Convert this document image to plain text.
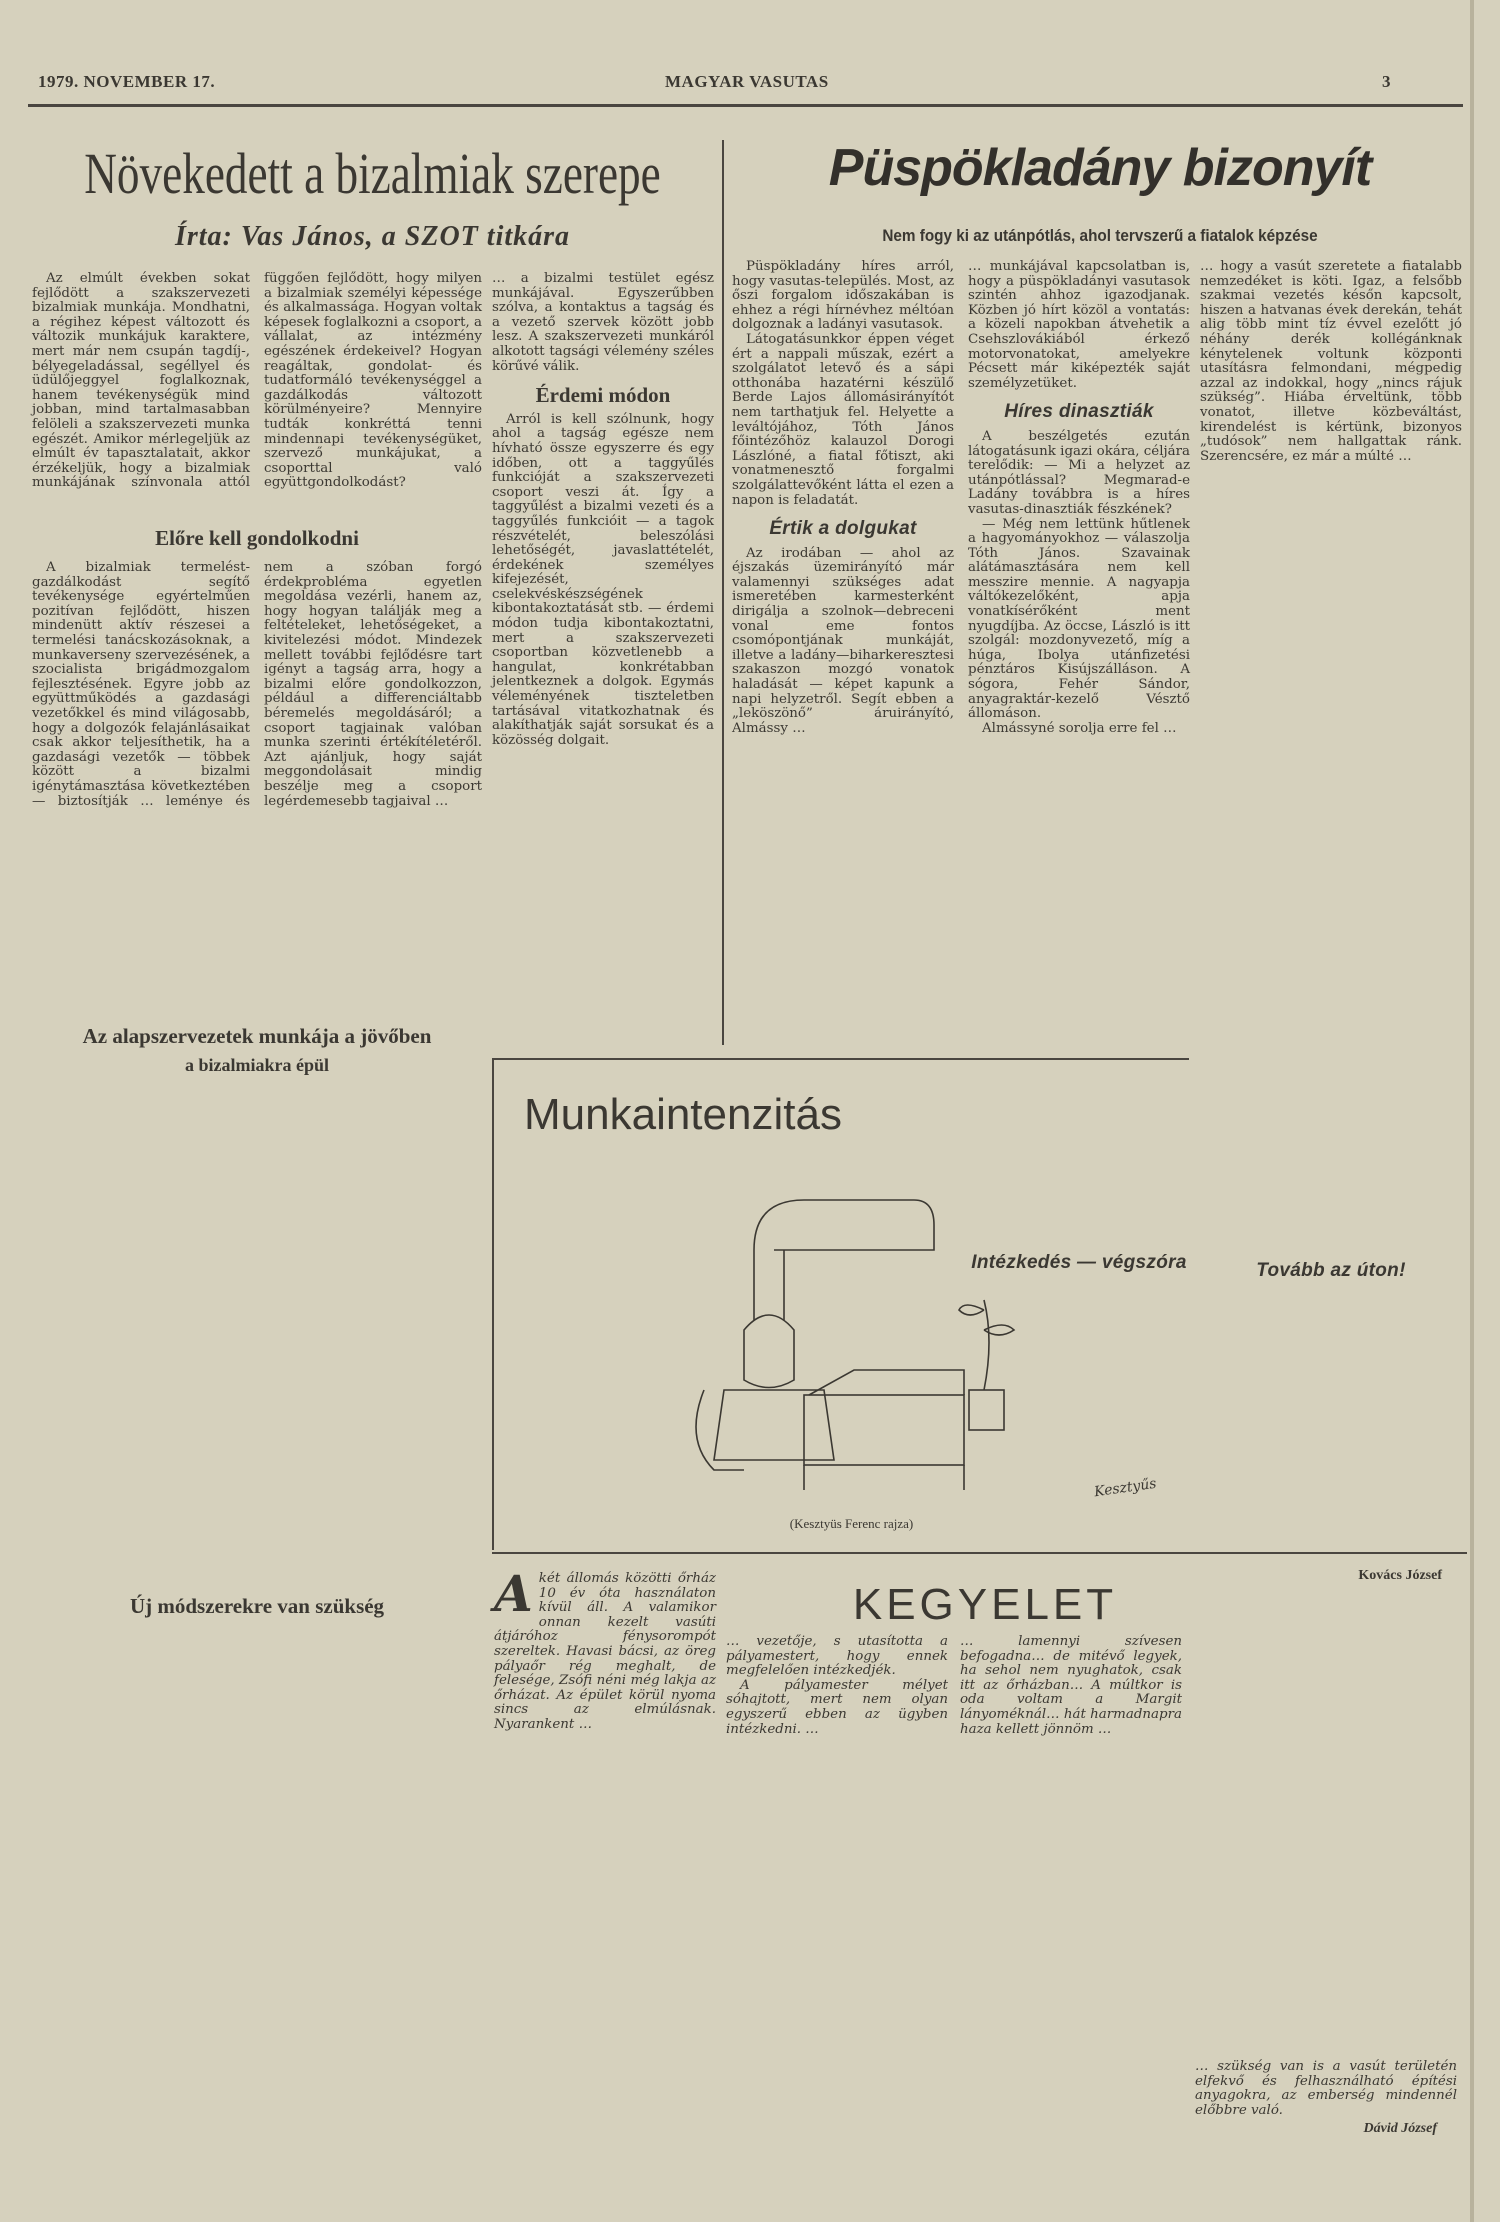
1979. NOVEMBER 17.	MAGYAR VASUTAS	3
Növekedett a bizalmiak szerepe
Írta: Vas János, a SZOT titkára

Az elmúlt években sokat fejlődött a szakszervezeti bizalmiak munkája. Mondhatni, a régihez képest változott és változik munkájuk karaktere, mert már nem csupán tagdíj-, bélyegeladással, segéllyel és üdülőjeggyel foglalkoznak, hanem tevékenységük mind jobban, mind tartalmasabban felöleli a szakszervezeti munka egészét. Amikor mérlegeljük az elmúlt év tapasztalatait, akkor érzékeljük, hogy a bizalmiak munkájának színvonala attól függően fejlődött, hogy milyen a bizalmiak személyi képessége és alkalmassága. Hogyan voltak képesek foglalkozni a csoport, a vállalat, az intézmény egészének érdekeivel? Hogyan reagáltak, gondolat- és tudatformáló tevékenységgel a gazdálkodás változott körülményeire? Mennyire tudták konkréttá tenni mindennapi tevékenységüket, szervező munkájukat, a csoporttal való együttgondolkodást?

… a bizalmi testület egész munkájával. Egyszerűbben szólva, a kontaktus a tagság és a vezető szervek között jobb lesz. A szakszervezeti munkáról alkotott tagsági vélemény széles körűvé válik.

Érdemi módon

Arról is kell szólnunk, hogy ahol a tagság egésze nem hívható össze egyszerre és egy időben, ott a taggyűlés funkcióját a szakszervezeti csoport veszi át. Így a taggyűlést a bizalmi vezeti és a taggyűlés funkcióit — a tagok részvételét, beleszólási lehetőségét, javaslattételét, érdekének személyes kifejezését, cselekvéskészségének kibontakoztatását stb. — érdemi módon tudja kibontakoztatni, mert a szakszervezeti csoportban közvetlenebb a hangulat, konkrétabban jelentkeznek a dolgok. Egymás véleményének tiszteletben tartásával vitatkozhatnak és alakíthatják saját sorsukat és a közösség dolgait.

Előre kell gondolkodni

A bizalmiak termelést-gazdálkodást segítő tevékenysége egyértelműen pozitívan fejlődött, hiszen mindenütt aktív részesei a termelési tanácskozásoknak, a munkaverseny szervezésének, a szocialista brigádmozgalom fejlesztésének. Egyre jobb az együttműködés a gazdasági vezetőkkel és mind világosabb, hogy a dolgozók felajánlásaikat csak akkor teljesíthetik, ha a gazdasági vezetők — többek között a bizalmi igénytámasztása következtében — biztosítják … leménye és nem a szóban forgó érdekprobléma egyetlen megoldása vezérli, hanem az, hogy hogyan találják meg a feltételeket, lehetőségeket, a kivitelezési módot. Mindezek mellett további fejlődésre tart igényt a tagság arra, hogy a bizalmi előre gondolkozzon, például a differenciáltabb béremelés megoldásáról; a csoport tagjainak valóban munka szerinti értékítéletéről. Azt ajánljuk, hogy saját meggondolásait mindig beszélje meg a csoport legérdemesebb tagjaival …

Az alapszervezetek munkája a jövőben
a bizalmiakra épül
Új módszerekre van szükség
Püspökladány bizonyít
Nem fogy ki az utánpótlás, ahol tervszerű a fiatalok képzése

Püspökladány híres arról, hogy vasutas-település. Most, az őszi forgalom időszakában is ehhez a régi hírnévhez méltóan dolgoznak a ladányi vasutasok.

Látogatásunkkor éppen véget ért a nappali műszak, ezért a szolgálatot letevő és a sápi otthonába hazatérni készülő Berde Lajos állomásirányítót nem tarthatjuk fel. Helyette a leváltójához, Tóth János főintézőhöz kalauzol Dorogi Lászlóné, a fiatal főtiszt, aki vonatmenesztő forgalmi szolgálattevőként látta el ezen a napon is feladatát.

Értik a dolgukat

Az irodában — ahol az éjszakás üzemirányító már valamennyi szükséges adat ismeretében karmesterként dirigálja a szolnok—debreceni vonal eme fontos csomópontjának munkáját, illetve a ladány—biharkeresztesi szakaszon mozgó vonatok haladását — képet kapunk a napi helyzetről. Segít ebben a „leköszönő” áruirányító, Almássy …

… munkájával kapcsolatban is, hogy a püspökladányi vasutasok szintén ahhoz igazodjanak. Közben jó hírt közöl a vontatás: a közeli napokban átvehetik a Csehszlovákiából érkező motorvonatokat, amelyekre Pécsett már kiképezték saját személyzetüket.

Híres dinasztiák

A beszélgetés ezután látogatásunk igazi okára, céljára terelődik: — Mi a helyzet az utánpótlással? Megmarad-e Ladány továbbra is a híres vasutas-dinasztiák fészkének?

— Még nem lettünk hűtlenek a hagyományokhoz — válaszolja Tóth János. Szavainak alátámasztására nem kell messzire mennie. A nagyapja váltókezelőként, apja vonatkísérőként ment nyugdíjba. Az öccse, László is itt szolgál: mozdonyvezető, míg a húga, Ibolya utánfizetési pénztáros Kisújszálláson. A sógora, Fehér Sándor, anyagraktár-kezelő Vésztő állomáson.

Almássyné sorolja erre fel …

Intézkedés — végszóra

… hogy a vasút szeretete a fiatalabb nemzedéket is köti. Igaz, a felsőbb szakmai vezetés későn kapcsolt, hiszen a hatvanas évek derekán, tehát alig több mint tíz évvel ezelőtt jó néhány derék kollégánknak kénytelenek voltunk központi utasításra felmondani, mégpedig azzal az indokkal, hogy „nincs rájuk szükség”. Hiába érveltünk, több vonatot, illetve közbeváltást, kirendelést is kértünk, bizonyos „tudósok” nem hallgattak ránk. Szerencsére, ez már a múlté …

Tovább az úton!
Kovács József
Munkaintenzitás
Kesztyűs
(Kesztyüs Ferenc rajza)
KEGYELET
A két állomás közötti őrház 10 év óta használaton kívül áll. A valamikor onnan kezelt vasúti átjáróhoz fénysorompót szereltek. Havasi bácsi, az öreg pályaőr rég meghalt, de felesége, Zsófi néni még lakja az őrházat. Az épület körül nyoma sincs az elmúlásnak. Nyarankent …

… vezetője, s utasította a pályamestert, hogy ennek megfelelően intézkedjék.

A pályamester mélyet sóhajtott, mert nem olyan egyszerű ebben az ügyben intézkedni. …

… lamennyi szívesen befogadna… de mitévő legyek, ha sehol nem nyughatok, csak itt az őrházban… A múltkor is oda voltam a Margit lányoméknál… hát harmadnapra haza kellett jönnöm …

… szükség van is a vasút területén elfekvő és felhasználható építési anyagokra, az emberség mindennél előbbre való.

Dávid József
